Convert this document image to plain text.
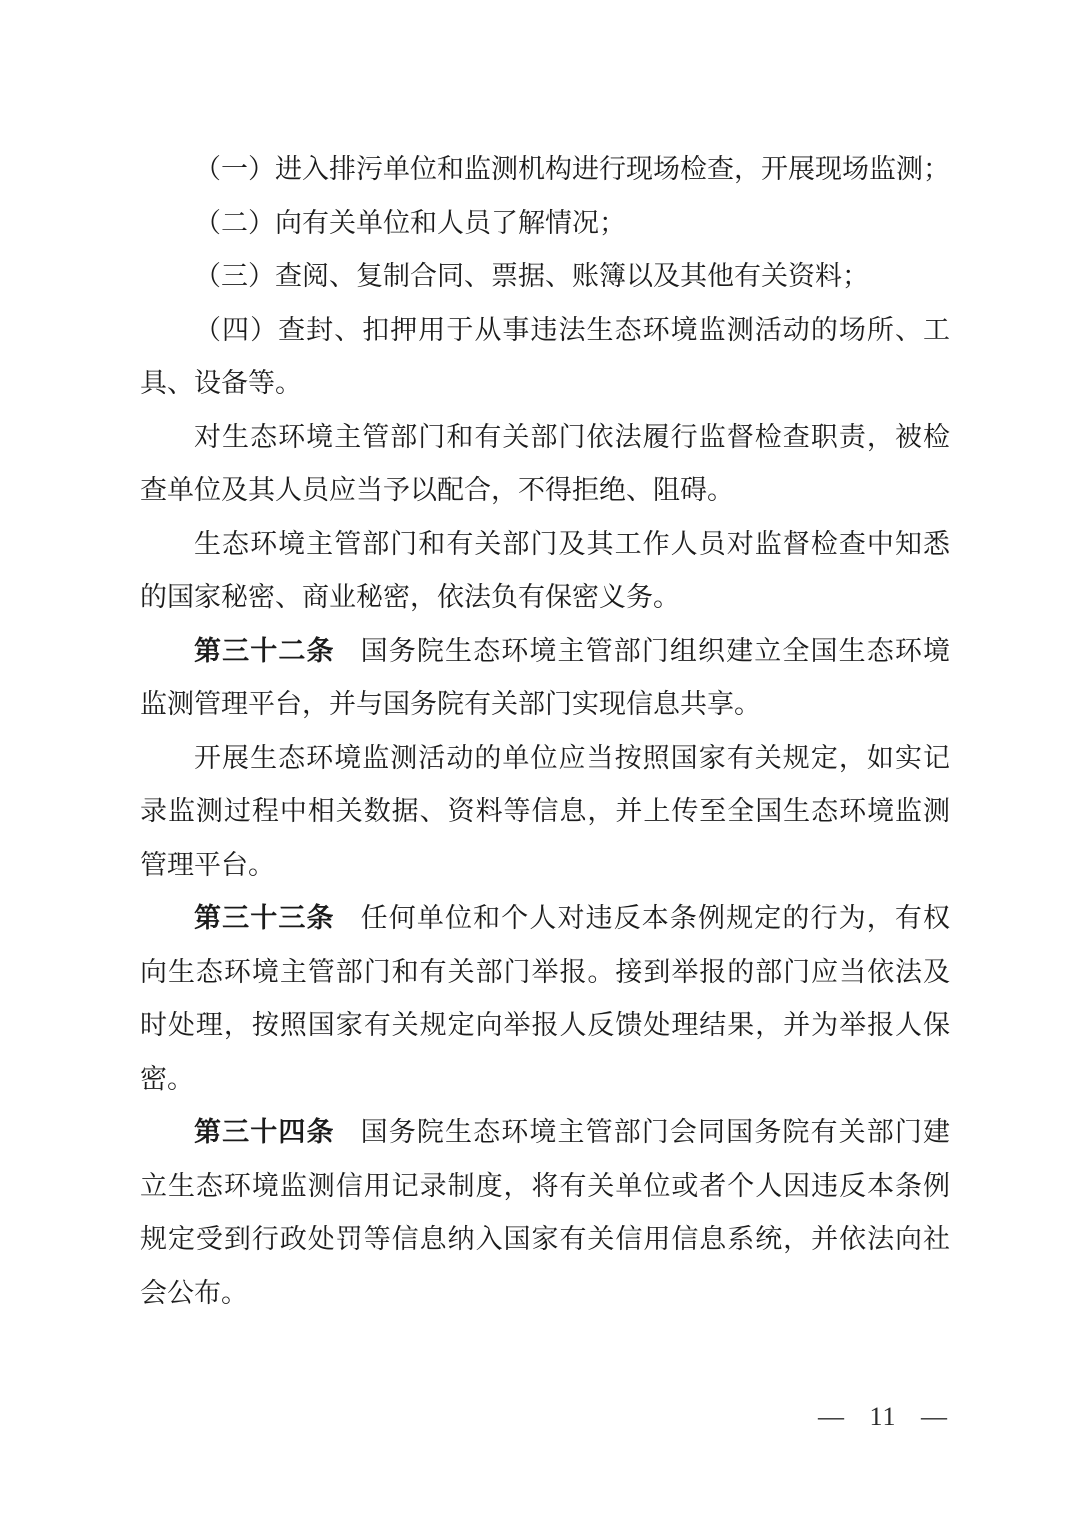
（一）进入排污单位和监测机构进行现场检查，开展现场监测；
（二）向有关单位和人员了解情况；
（三）查阅、复制合同、票据、账簿以及其他有关资料；
（四）查封、扣押用于从事违法生态环境监测活动的场所、工
具、设备等。
对生态环境主管部门和有关部门依法履行监督检查职责，被检
查单位及其人员应当予以配合，不得拒绝、阻碍。
生态环境主管部门和有关部门及其工作人员对监督检查中知悉
的国家秘密、商业秘密，依法负有保密义务。
第三十二条 国务院生态环境主管部门组织建立全国生态环境
监测管理平台，并与国务院有关部门实现信息共享。
开展生态环境监测活动的单位应当按照国家有关规定，如实记
录监测过程中相关数据、资料等信息，并上传至全国生态环境监测
管理平台。
第三十三条 任何单位和个人对违反本条例规定的行为，有权
向生态环境主管部门和有关部门举报。接到举报的部门应当依法及
时处理，按照国家有关规定向举报人反馈处理结果，并为举报人保
密。
第三十四条 国务院生态环境主管部门会同国务院有关部门建
立生态环境监测信用记录制度，将有关单位或者个人因违反本条例
规定受到行政处罚等信息纳入国家有关信用信息系统，并依法向社
会公布。
— 11 —
